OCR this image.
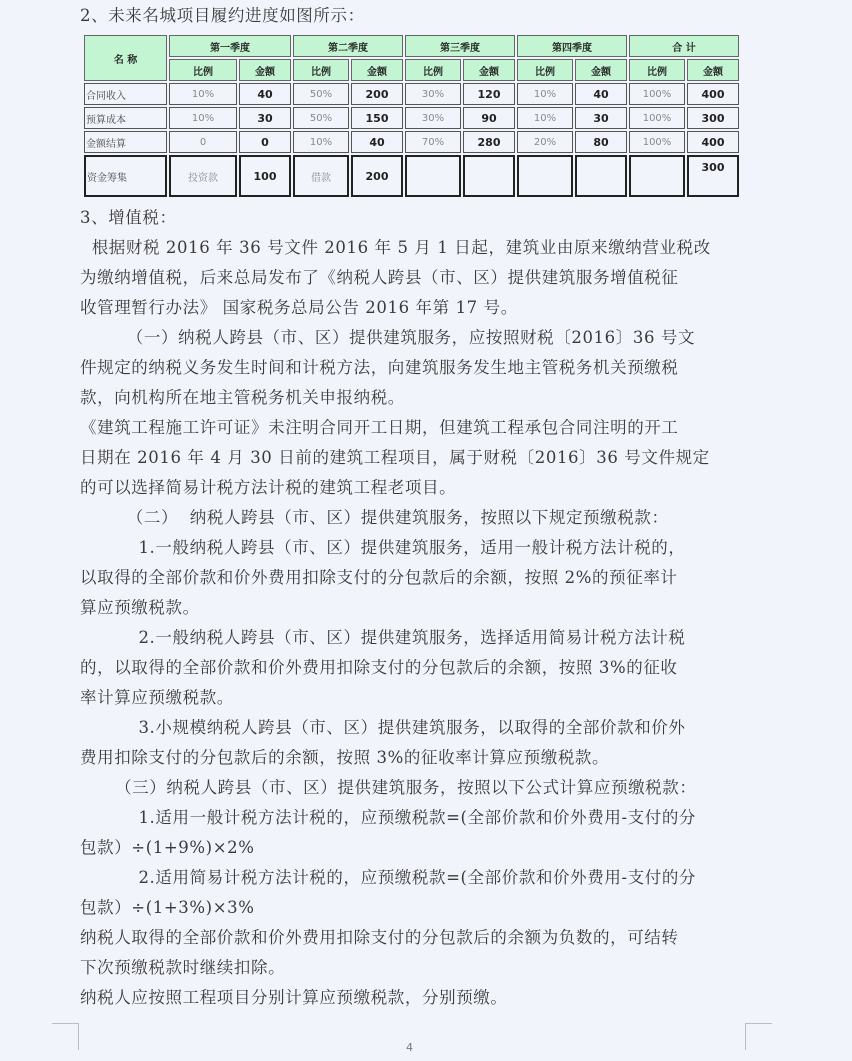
2、未来名城项目履约进度如图所示：
名 称	第一季度		第二季度		第三季度		第四季度		合 计	
	比例	金额	比例	金额	比例	金额	比例	金额	比例	金额
合同收入	10%	40	50%	200	30%	120	10%	40	100%	400
预算成本	10%	30	50%	150	30%	90	10%	30	100%	300
金额结算	0	0	10%	40	70%	280	20%	80	100%	400
资金筹集	投资款	100	借款	200						300
3、增值税：
根据财税 2016 年 36 号文件 2016 年 5 月 1 日起，建筑业由原来缴纳营业税改
为缴纳增值税，后来总局发布了《纳税人跨县（市、区）提供建筑服务增值税征
收管理暂行办法》 国家税务总局公告 2016 年第 17 号。
（一）纳税人跨县（市、区）提供建筑服务，应按照财税〔2016〕36 号文
件规定的纳税义务发生时间和计税方法，向建筑服务发生地主管税务机关预缴税
款，向机构所在地主管税务机关申报纳税。
《建筑工程施工许可证》未注明合同开工日期，但建筑工程承包合同注明的开工
日期在 2016 年 4 月 30 日前的建筑工程项目，属于财税〔2016〕36 号文件规定
的可以选择简易计税方法计税的建筑工程老项目。
（二）  纳税人跨县（市、区）提供建筑服务，按照以下规定预缴税款：
1.一般纳税人跨县（市、区）提供建筑服务，适用一般计税方法计税的，
以取得的全部价款和价外费用扣除支付的分包款后的余额，按照 2%的预征率计
算应预缴税款。
2.一般纳税人跨县（市、区）提供建筑服务，选择适用简易计税方法计税
的，以取得的全部价款和价外费用扣除支付的分包款后的余额，按照 3%的征收
率计算应预缴税款。
3.小规模纳税人跨县（市、区）提供建筑服务，以取得的全部价款和价外
费用扣除支付的分包款后的余额，按照 3%的征收率计算应预缴税款。
（三）纳税人跨县（市、区）提供建筑服务，按照以下公式计算应预缴税款：
1.适用一般计税方法计税的，应预缴税款=(全部价款和价外费用-支付的分
包款）÷(1+9%)×2%
2.适用简易计税方法计税的，应预缴税款=(全部价款和价外费用-支付的分
包款）÷(1+3%)×3%
纳税人取得的全部价款和价外费用扣除支付的分包款后的余额为负数的，可结转
下次预缴税款时继续扣除。
纳税人应按照工程项目分别计算应预缴税款，分别预缴。
4
